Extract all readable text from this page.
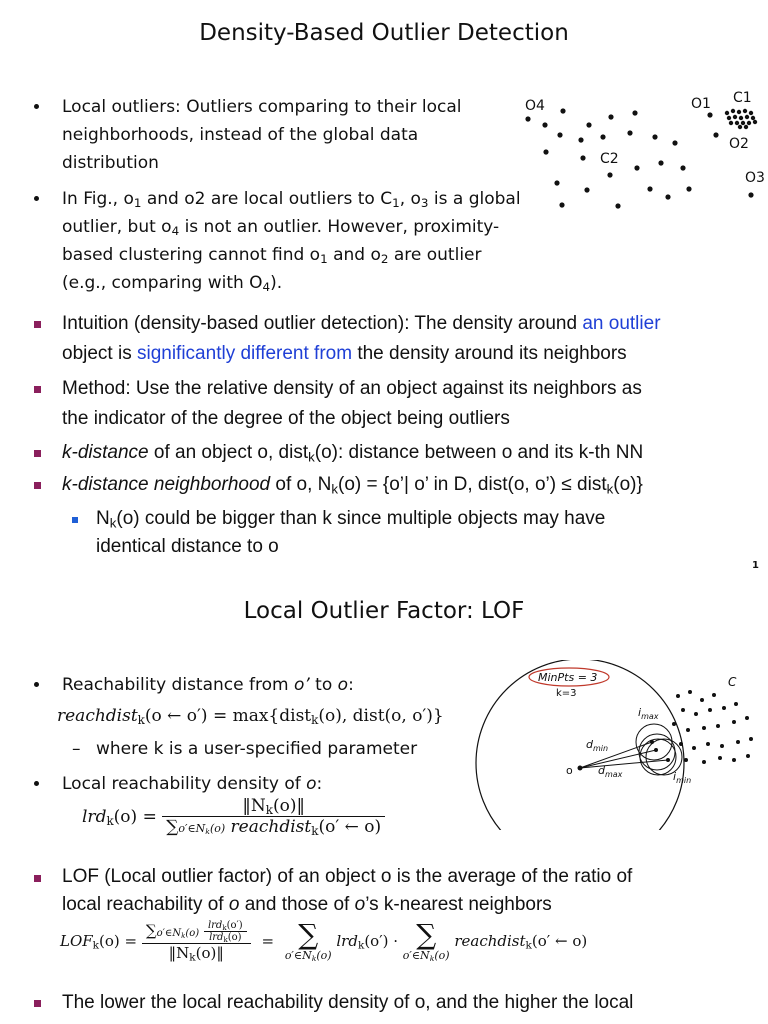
Density-Based Outlier Detection
Local outliers: Outliers comparing to their local
neighborhoods, instead of the global data
distribution
In Fig., $o_1$ and o2 are local outliers to $C_1$, $o_3$ is a global
outlier, but $o_4$ is not an outlier. However, proximity-
based clustering cannot find $o_1$ and $o_2$ are outlier
(e.g., comparing with $O_4$).
O4	O1 C1
O2
C2
O3
Intuition (density-based outlier detection): The density around an outlier
object is significantly different from the density around its neighbors
Method: Use the relative density of an object against its neighbors as
the indicator of the degree of the object being outliers
k-distance of an object o, dist$_k$(o): distance between o and its k-th NN
k-distance neighborhood of o, $N_k(o)$ = {o’| o’ in D, dist(o, o’) ≤ dist$_k$(o)}
$N_k(o)$ could be bigger than k since multiple objects may have
identical distance to o
1
Local Outlier Factor: LOF
Reachability distance from o’ to o:
reachdist$_k$(o ← o′) = max{dist$_k$(o), dist(o, o′)}
– where k is a user-specified parameter
Local reachability density of o:
$lrd_k(o) = \frac{‖N_k(o)‖}{\sum o'\in N_k(o) reachdist_k(o' \leftarrow o)}$
LOF (Local outlier factor) of an object o is the average of the ratio of
local reachability of o and those of o’s k-nearest neighbors
$LOF_k(o) = \frac{\sum o'\in N_k(o) \frac{lrd_k(o')}{lrd_k(o)}}{‖N_k(o)‖}$ = ∑
$o'\in N_k(o)$
lrd$_k$(o′) · ∑
$o'\in N_k(o)$
reachdist$_k$(o′ ← o)
The lower the local reachability density of o, and the higher the local
MinPts = 3
k=3
C
o
$i_{max}$
$d_{min}$
$d_{max}$	$i_{min}$
